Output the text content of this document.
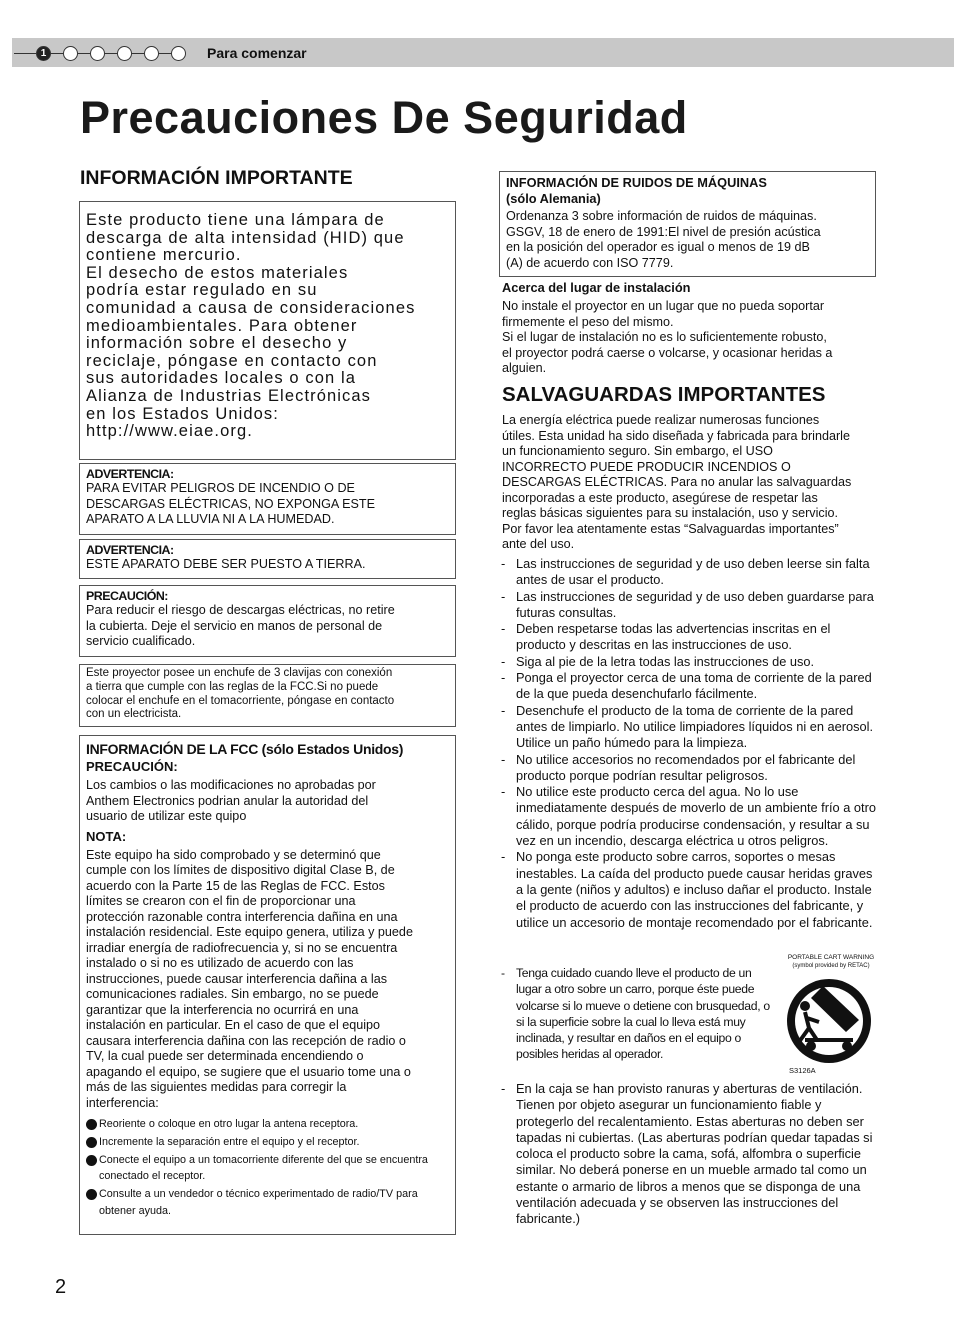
1	Para comenzar
Precauciones De Seguridad
INFORMACIÓN IMPORTANTE
Este producto tiene una lámpara de
descarga de alta intensidad (HID) que
contiene mercurio.
El desecho de estos materiales
podría estar regulado en su
comunidad a causa de consideraciones
medioambientales. Para obtener
información sobre el desecho y
reciclaje, póngase en contacto con
sus autoridades locales o con la
Alianza de Industrias Electrónicas
en los Estados Unidos:
http://www.eiae.org.
ADVERTENCIA:
PARA EVITAR PELIGROS DE INCENDIO O DE
DESCARGAS ELÉCTRICAS, NO EXPONGA ESTE
APARATO A LA LLUVIA NI A LA HUMEDAD.
ADVERTENCIA:
ESTE APARATO DEBE SER PUESTO A TIERRA.
PRECAUCIÓN:
Para reducir el riesgo de descargas eléctricas, no retire
la cubierta. Deje el servicio en manos de personal de
servicio cualificado.
Este proyector posee un enchufe de 3 clavijas con conexión
a tierra que cumple con las reglas de la FCC.Si no puede
colocar el enchufe en el tomacorriente, póngase en contacto
con un electricista.
INFORMACIÓN DE LA FCC (sólo Estados Unidos)
PRECAUCIÓN:
Los cambios o las modificaciones no aprobadas por
Anthem Electronics podrian anular la autoridad del
usuario de utilizar este quipo
NOTA:
Este equipo ha sido comprobado y se determinó que
cumple con los límites de dispositivo digital Clase B, de
acuerdo con la Parte 15 de las Reglas de FCC. Estos
límites se crearon con el fin de proporcionar una
protección razonable contra interferencia dañina en una
instalación residencial. Este equipo genera, utiliza y puede
irradiar energía de radiofrecuencia y, si no se encuentra
instalado o si no es utilizado de acuerdo con las
instrucciones, puede causar interferencia dañina a las
comunicaciones radiales. Sin embargo, no se puede
garantizar que la interferencia no ocurrirá en una
instalación en particular. En el caso de que el equipo
causara interferencia dañina con las recepción de radio o
TV, la cual puede ser determinada encendiendo o
apagando el equipo, se sugiere que el usuario tome una o
más de las siguientes medidas para corregir la
interferencia:
Reoriente o coloque en otro lugar la antena receptora.
Incremente la separación entre el equipo y el receptor.
Conecte el equipo a un tomacorriente diferente del que se encuentra conectado el receptor.
Consulte a un vendedor o técnico experimentado de radio/TV para obtener ayuda.
INFORMACIÓN DE RUIDOS DE MÁQUINAS
(sólo Alemania)
Ordenanza 3 sobre información de ruidos de máquinas.
GSGV, 18 de enero de 1991:El nivel de presión acústica
en la posición del operador es igual o menos de 19 dB
(A) de acuerdo con ISO 7779.
Acerca del lugar de instalación
No instale el proyector en un lugar que no pueda soportar
firmemente el peso del mismo.
Si el lugar de instalación no es lo suficientemente robusto,
el proyector podrá caerse o volcarse, y ocasionar heridas a
alguien.
SALVAGUARDAS IMPORTANTES
La energía eléctrica puede realizar numerosas funciones
útiles. Esta unidad ha sido diseñada y fabricada para brindarle
un funcionamiento seguro. Sin embargo, el USO
INCORRECTO PUEDE PRODUCIR INCENDIOS O
DESCARGAS ELÉCTRICAS. Para no anular las salvaguardas
incorporadas a este producto, asegúrese de respetar las
reglas básicas siguientes para su instalación, uso y servicio.
Por favor lea atentamente estas “Salvaguardas importantes”
ante del uso.
- Las instrucciones de seguridad y de uso deben leerse sin falta antes de usar el producto.
- Las instrucciones de seguridad y de uso deben guardarse para futuras consultas.
- Deben respetarse todas las advertencias inscritas en el producto y descritas en las instrucciones de uso.
- Siga al pie de la letra todas las instrucciones de uso.
- Ponga el proyector cerca de una toma de corriente de la pared de la que pueda desenchufarlo fácilmente.
- Desenchufe el producto de la toma de corriente de la pared antes de limpiarlo. No utilice limpiadores líquidos ni en aerosol. Utilice un paño húmedo para la limpieza.
- No utilice accesorios no recomendados por el fabricante del producto porque podrían resultar peligrosos.
- No utilice este producto cerca del agua. No lo use inmediatamente después de moverlo de un ambiente frío a otro cálido, porque podría producirse condensación, y resultar a su vez en un incendio, descarga eléctrica u otros peligros.
- No ponga este producto sobre carros, soportes o mesas inestables. La caída del producto puede causar heridas graves a la gente (niños y adultos) e incluso dañar el producto. Instale el producto de acuerdo con las instrucciones del fabricante, y utilice un accesorio de montaje recomendado por el fabricante.
- Tenga cuidado cuando lleve el producto de un lugar a otro sobre un carro, porque éste puede volcarse si lo mueve o detiene con brusquedad, o si la superficie sobre la cual lo lleva está muy inclinada, y resultar en daños en el equipo o posibles heridas al operador.
PORTABLE CART WARNING
(symbol provided by RETAC)
S3126A
- En la caja se han provisto ranuras y aberturas de ventilación. Tienen por objeto asegurar un funcionamiento fiable y protegerlo del recalentamiento. Estas aberturas no deben ser tapadas ni cubiertas. (Las aberturas podrían quedar tapadas si coloca el producto sobre la cama, sofá, alfombra o superficie similar. No deberá ponerse en un mueble armado tal como un estante o armario de libros a menos que se disponga de una ventilación adecuada y se observen las instrucciones del fabricante.)
2
